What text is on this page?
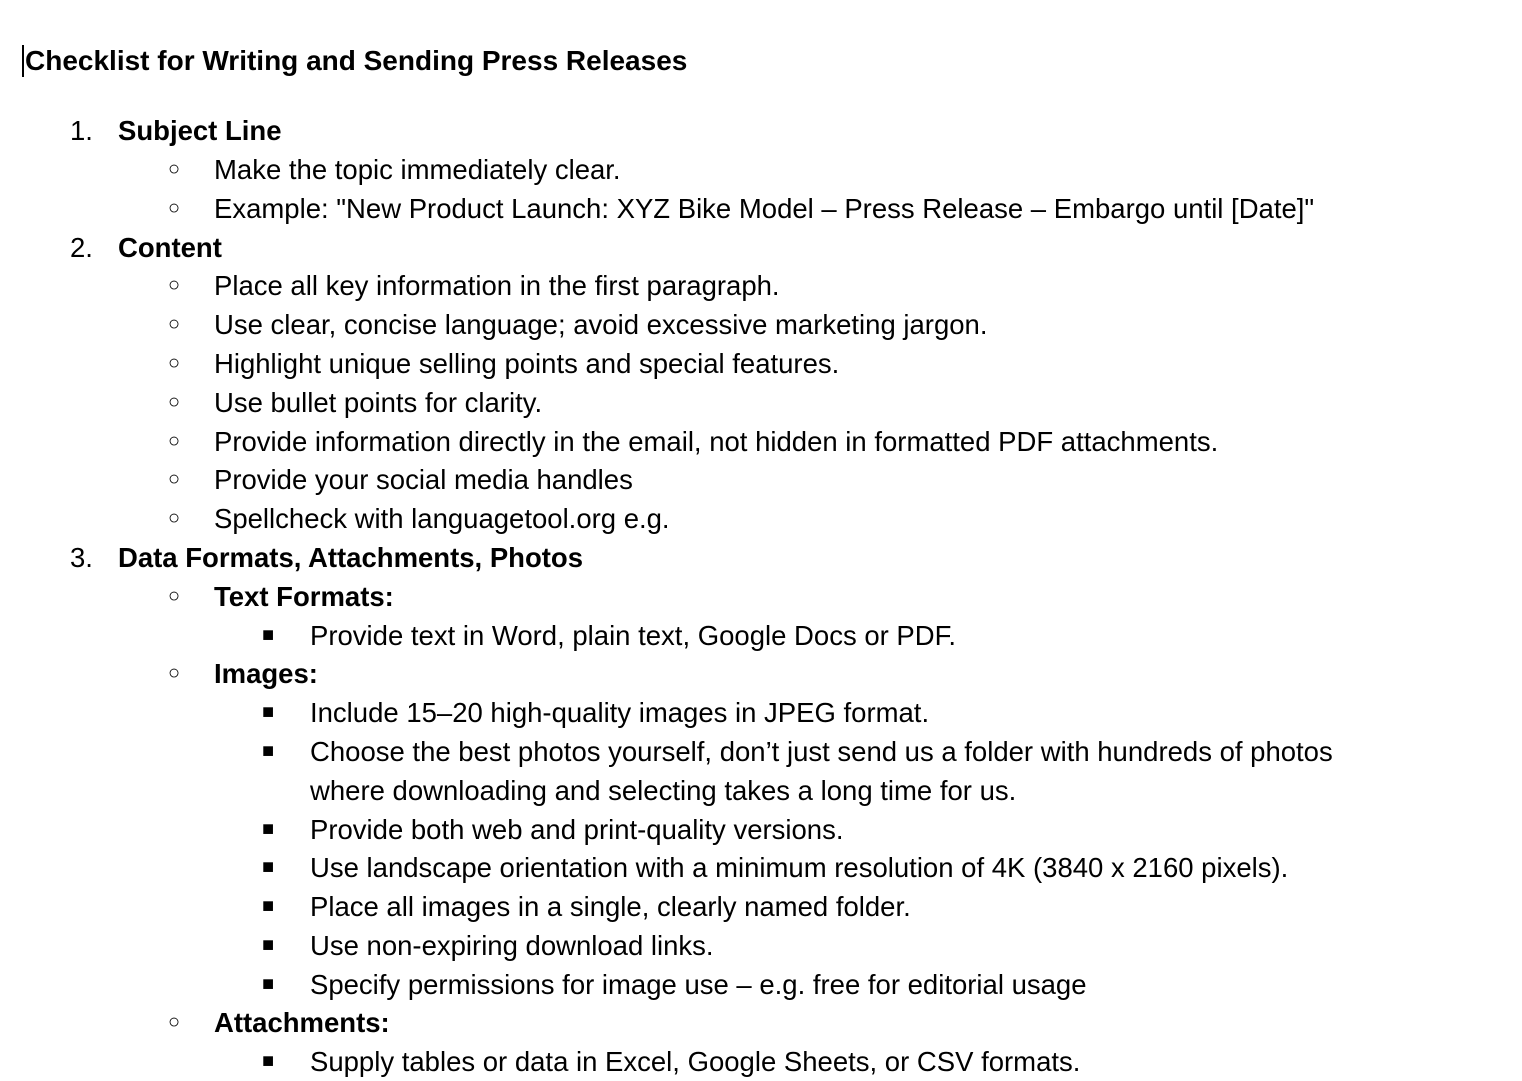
Checklist for Writing and Sending Press Releases
1. Subject Line
○ Make the topic immediately clear.
○ Example: "New Product Launch: XYZ Bike Model – Press Release – Embargo until [Date]"
2. Content
○ Place all key information in the first paragraph.
○ Use clear, concise language; avoid excessive marketing jargon.
○ Highlight unique selling points and special features.
○ Use bullet points for clarity.
○ Provide information directly in the email, not hidden in formatted PDF attachments.
○ Provide your social media handles
○ Spellcheck with languagetool.org e.g.
3. Data Formats, Attachments, Photos
○ Text Formats:
■ Provide text in Word, plain text, Google Docs or PDF.
○ Images:
■ Include 15–20 high-quality images in JPEG format.
■ Choose the best photos yourself, don’t just send us a folder with hundreds of photos
where downloading and selecting takes a long time for us.
■ Provide both web and print-quality versions.
■ Use landscape orientation with a minimum resolution of 4K (3840 x 2160 pixels).
■ Place all images in a single, clearly named folder.
■ Use non-expiring download links.
■ Specify permissions for image use – e.g. free for editorial usage
○ Attachments:
■ Supply tables or data in Excel, Google Sheets, or CSV formats.
